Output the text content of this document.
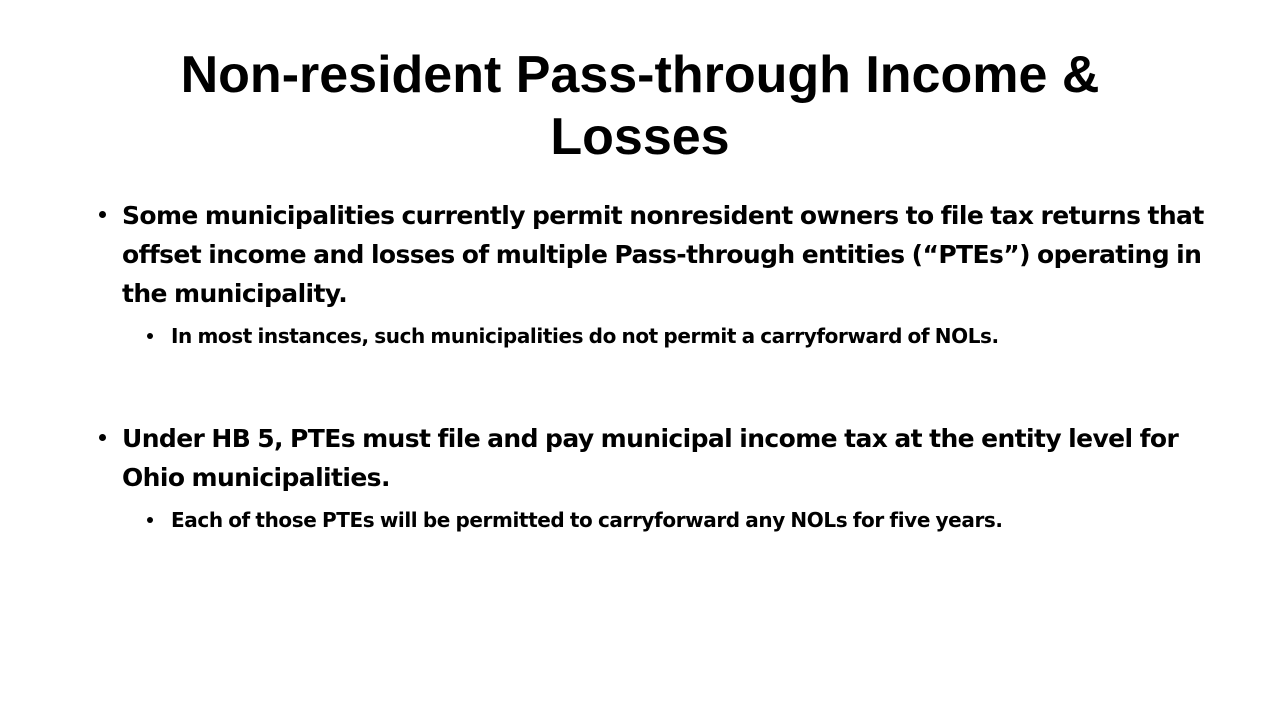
Non-resident Pass-through Income & Losses
Some municipalities currently permit nonresident owners to file tax returns that offset income and losses of multiple Pass-through entities (“PTEs”) operating in the municipality.
In most instances, such municipalities do not permit a carryforward of NOLs.
Under HB 5, PTEs must file and pay municipal income tax at the entity level for Ohio municipalities.
Each of those PTEs will be permitted to carryforward any NOLs for five years.
